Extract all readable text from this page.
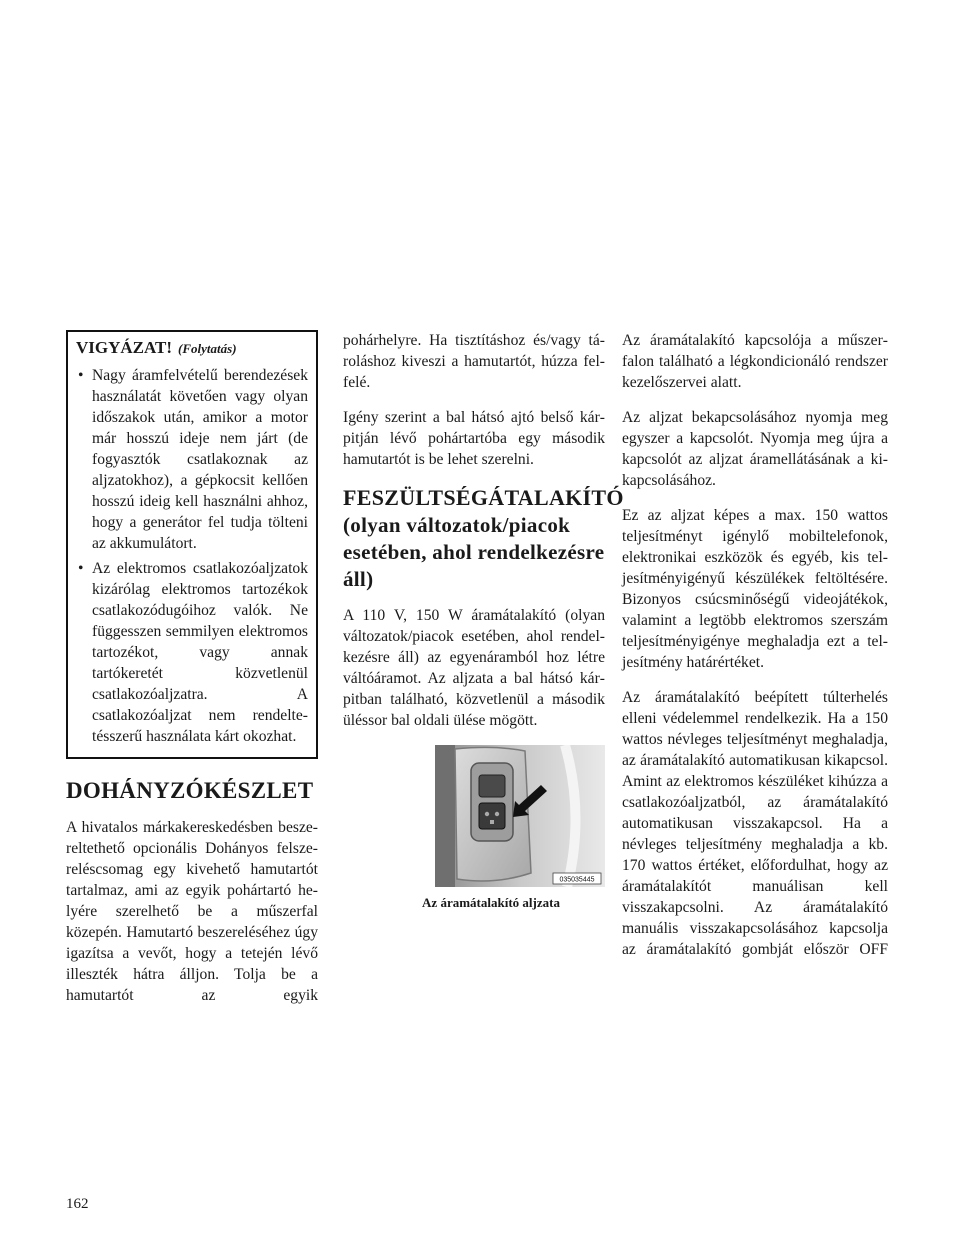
VIGYÁZAT! (Folytatás)
• Nagy áramfelvételű berendezések használatát követően vagy olyan időszakok után, amikor a motor már hosszú ideje nem járt (de fogyasztók csatlakoznak az aljzatokhoz), a gépkocsit kellően hosszú ideig kell használni ahhoz, hogy a generátor fel tudja tölteni az akkumulátort.
• Az elektromos csatlakozóaljzatok kizárólag elektromos tartozékok csatlakozódugóihoz valók. Ne függesszen semmilyen elektromos tartozékot, vagy annak tartókeretét közvetlenül csatlakozóaljzatra. A csatlakozóaljzat nem rendeltetésszerű használata kárt okozhat.
DOHÁNYZÓKÉSZLET

A hivatalos márkakereskedésben beszereltethető opcionális Dohányos felszereléscsomag egy kivehető hamutartót tartalmaz, ami az egyik pohártartó helyére szerelhető be a műszerfal közepén. Hamutartó beszereléséhez úgy igazítsa a vevőt, hogy a tetején lévő illeszték hátra álljon. Tolja be a hamutartót az egyik

pohárhelyre. Ha tisztításhoz és/vagy tároláshoz kiveszi a hamutartót, húzza felfelé.

Igény szerint a bal hátsó ajtó belső kárpitján lévő pohártartóba egy második hamutartót is be lehet szerelni.

FESZÜLTSÉGÁTALAKÍTÓ
(olyan változatok/piacok esetében, ahol rendelkezésre áll)

A 110 V, 150 W áramátalakító (olyan változatok/piacok esetében, ahol rendelkezésre áll) az egyenáramból hoz létre váltóáramot. Az aljzata a bal hátsó kárpitban található, közvetlenül a második üléssor bal oldali ülése mögött.

035035445
Az áramátalakító aljzata

Az áramátalakító kapcsolója a műszerfalon található a légkondicionáló rendszer kezelőszervei alatt.

Az aljzat bekapcsolásához nyomja meg egyszer a kapcsolót. Nyomja meg újra a kapcsolót az aljzat áramellátásának a kikapcsolásához.

Ez az aljzat képes a max. 150 wattos teljesítményt igénylő mobiltelefonok, elektronikai eszközök és egyéb, kis teljesítményigényű készülékek feltöltésére. Bizonyos csúcsminőségű videojátékok, valamint a legtöbb elektromos szerszám teljesítményigénye meghaladja ezt a teljesítmény határértéket.

Az áramátalakító beépített túlterhelés elleni védelemmel rendelkezik. Ha a 150 wattos névleges teljesítményt meghaladja, az áramátalakító automatikusan kikapcsol. Amint az elektromos készüléket kihúzza a csatlakozóaljzatból, az áramátalakító automatikusan visszakapcsol. Ha a névleges teljesítmény meghaladja a kb. 170 wattos értéket, előfordulhat, hogy az áramátalakítót manuálisan kell visszakapcsolni. Az áramátalakító manuális visszakapcsolásához kapcsolja az áramátalakító gombját először OFF

162
